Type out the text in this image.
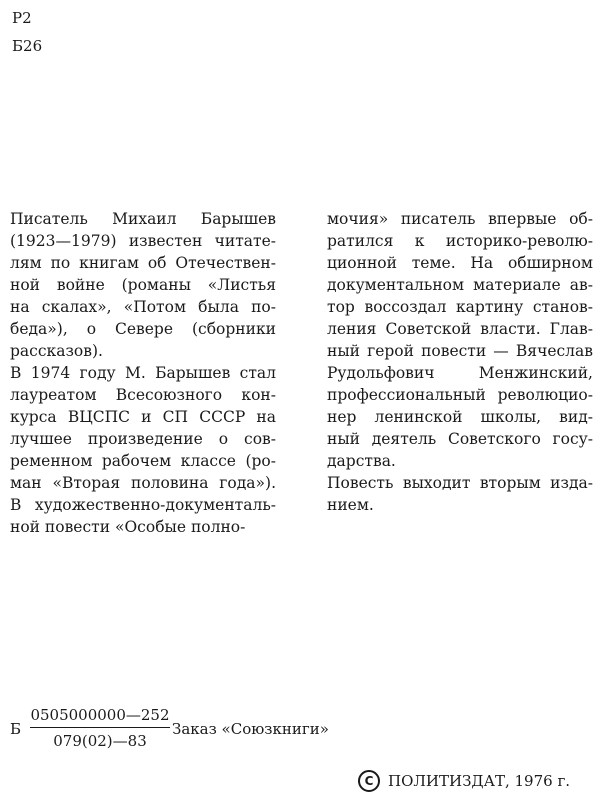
Р2
Б26
Писатель Михаил Барышев
(1923—1979) известен читате-
лям по книгам об Отечествен-
ной войне (романы «Листья
на скалах», «Потом была по-
беда»), о Севере (сборники
рассказов).
В 1974 году М. Барышев стал
лауреатом Всесоюзного кон-
курса ВЦСПС и СП СССР на
лучшее произведение о сов-
ременном рабочем классе (ро-
ман «Вторая половина года»).
В художественно-документаль-
ной повести «Особые полно-
мочия» писатель впервые об-
ратился к историко-револю-
ционной теме. На обширном
документальном материале ав-
тор воссоздал картину станов-
ления Советской власти. Глав-
ный герой повести — Вячеслав
Рудольфович Менжинский,
профессиональный революцио-
нер ленинской школы, вид-
ный деятель Советского госу-
дарства.
Повесть выходит вторым изда-
нием.
Б
0505000000—252
079(02)—83
Заказ «Союзкниги»
C ПОЛИТИЗДАТ, 1976 г.
